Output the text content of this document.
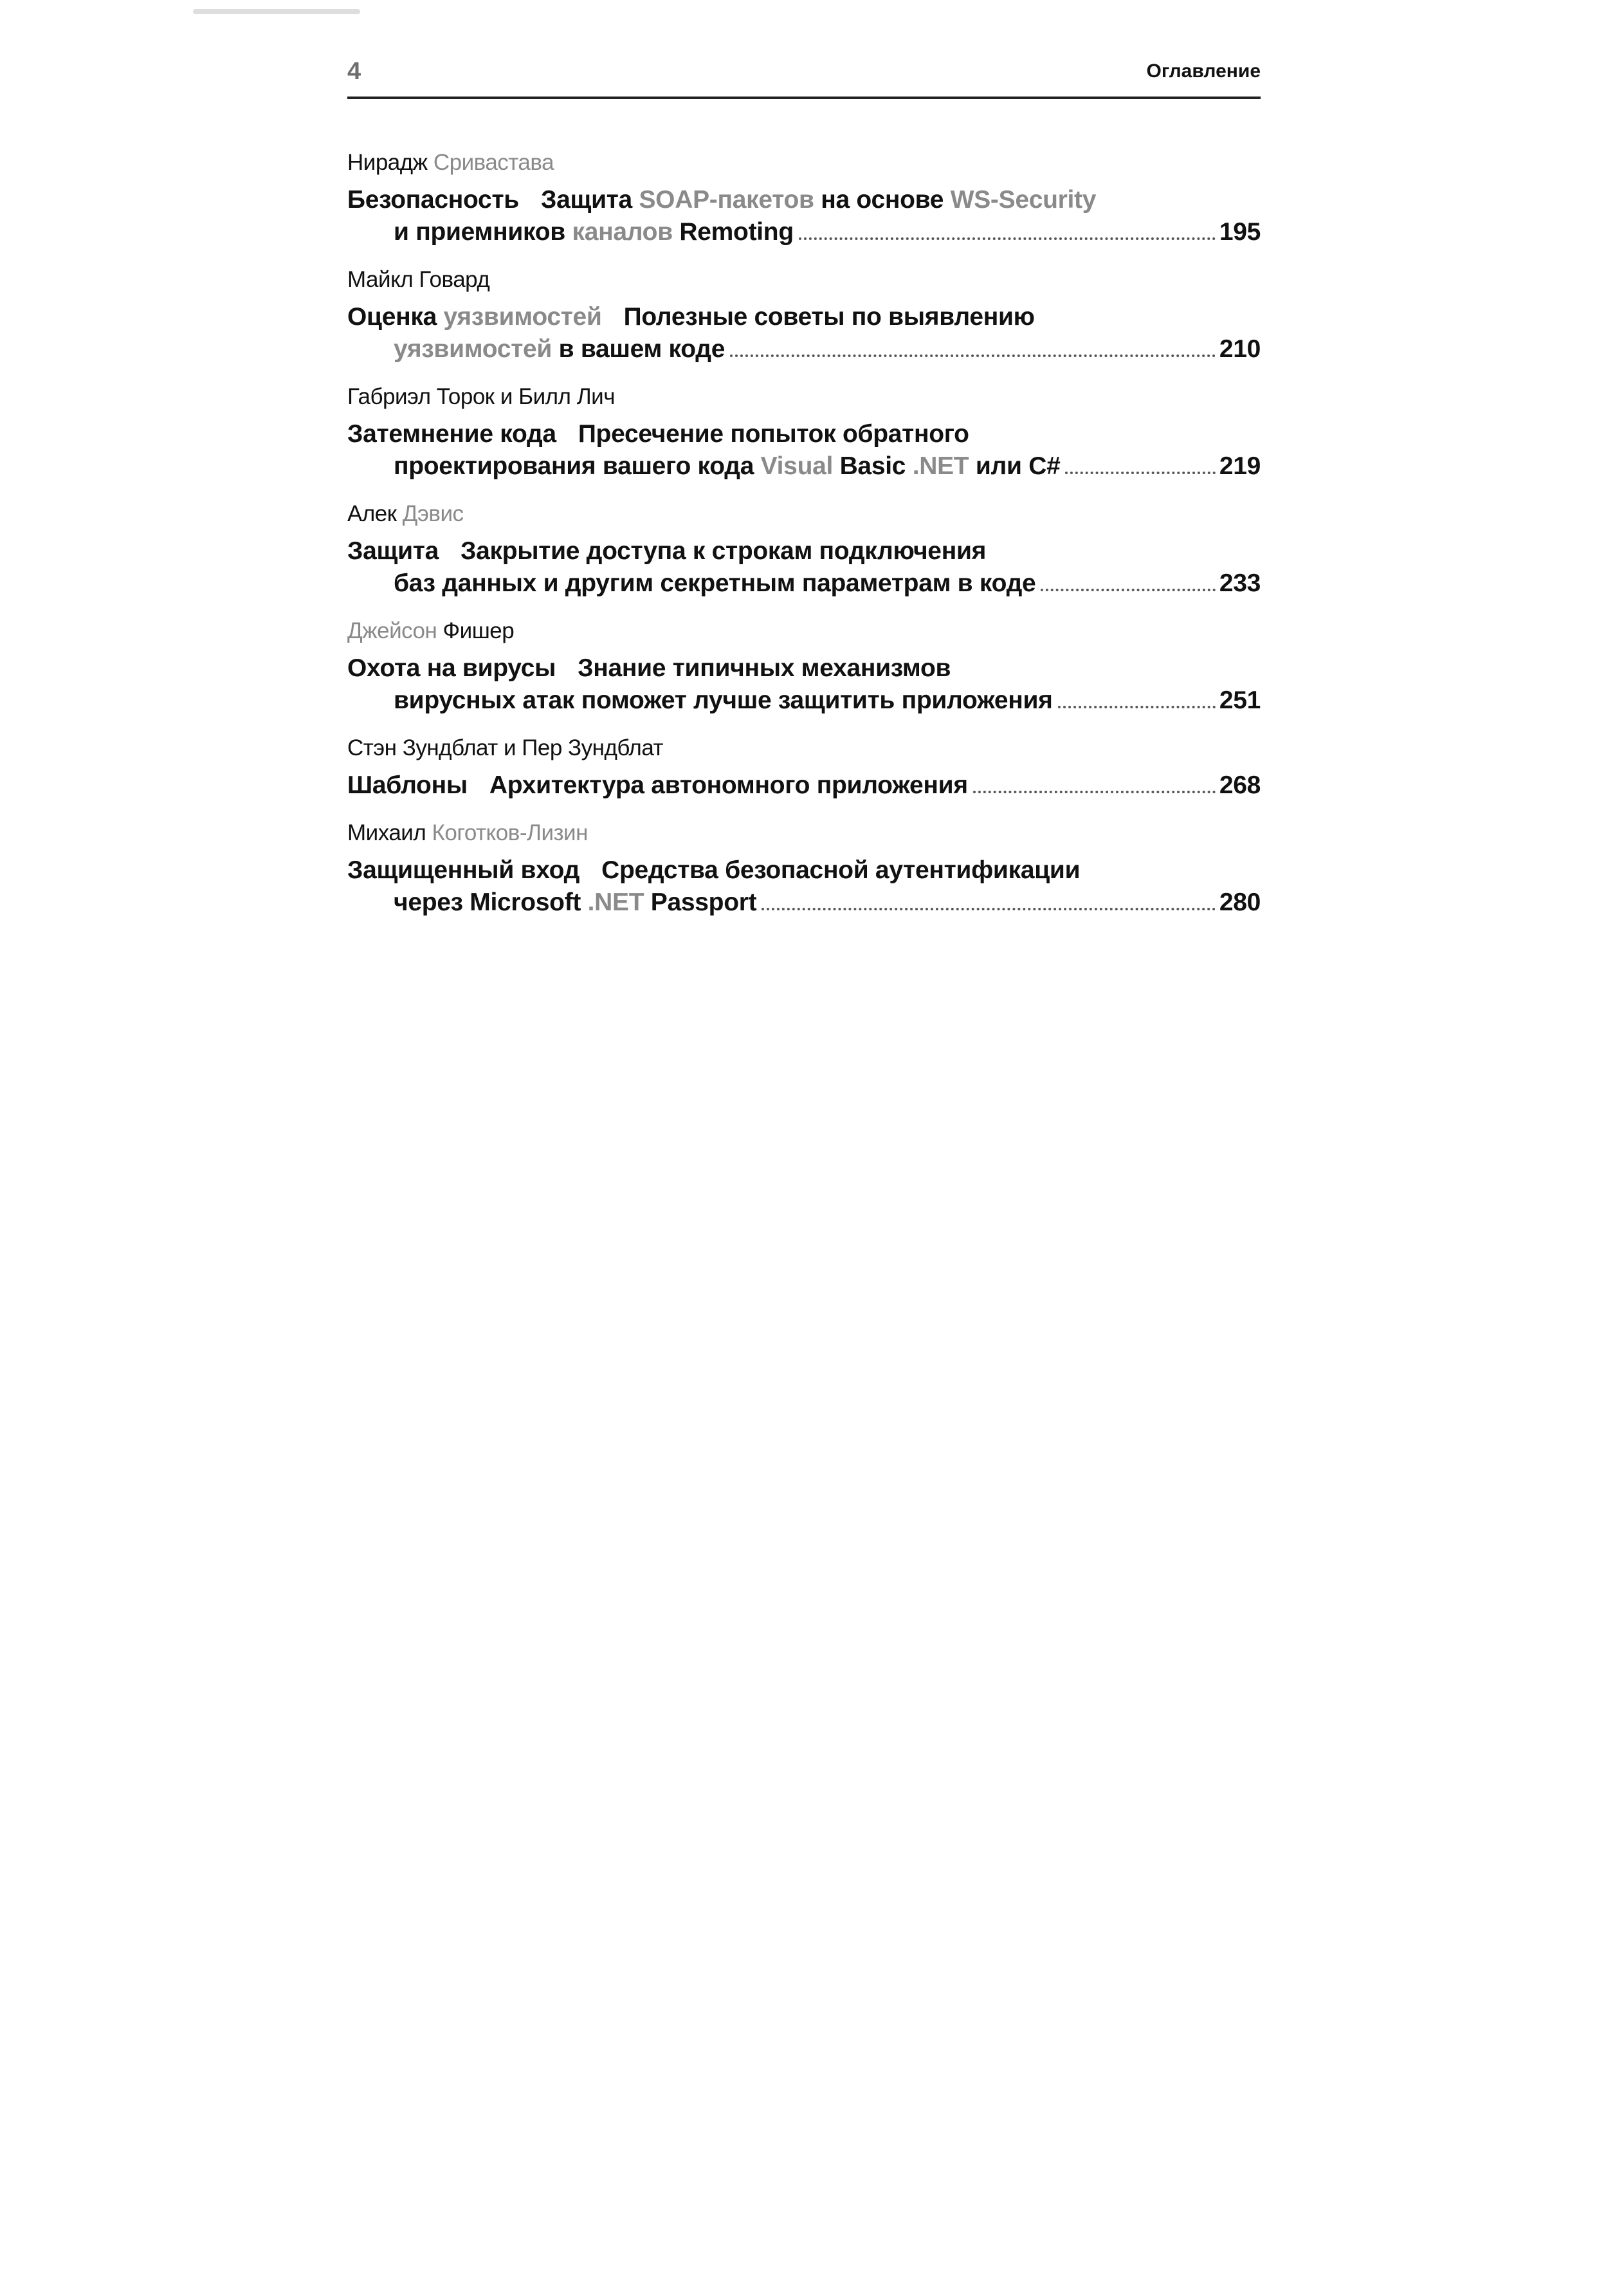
4	Оглавление
Нирадж Сривастава
Безопасность Защита SOAP-пакетов на основе WS-Security
и приемников каналов Remoting	195
Майкл Говард
Оценка уязвимостей Полезные советы по выявлению
уязвимостей в вашем коде	210
Габриэл Торок и Билл Лич
Затемнение кода Пресечение попыток обратного
проектирования вашего кода Visual Basic .NET или C#	219
Алек Дэвис
Защита Закрытие доступа к строкам подключения
баз данных и другим секретным параметрам в коде	233
Джейсон Фишер
Охота на вирусы Знание типичных механизмов
вирусных атак поможет лучше защитить приложения	251
Стэн Зундблат и Пер Зундблат
Шаблоны Архитектура автономного приложения	268
Михаил Коготков-Лизин
Защищенный вход Средства безопасной аутентификации
через Microsoft .NET Passport	280
